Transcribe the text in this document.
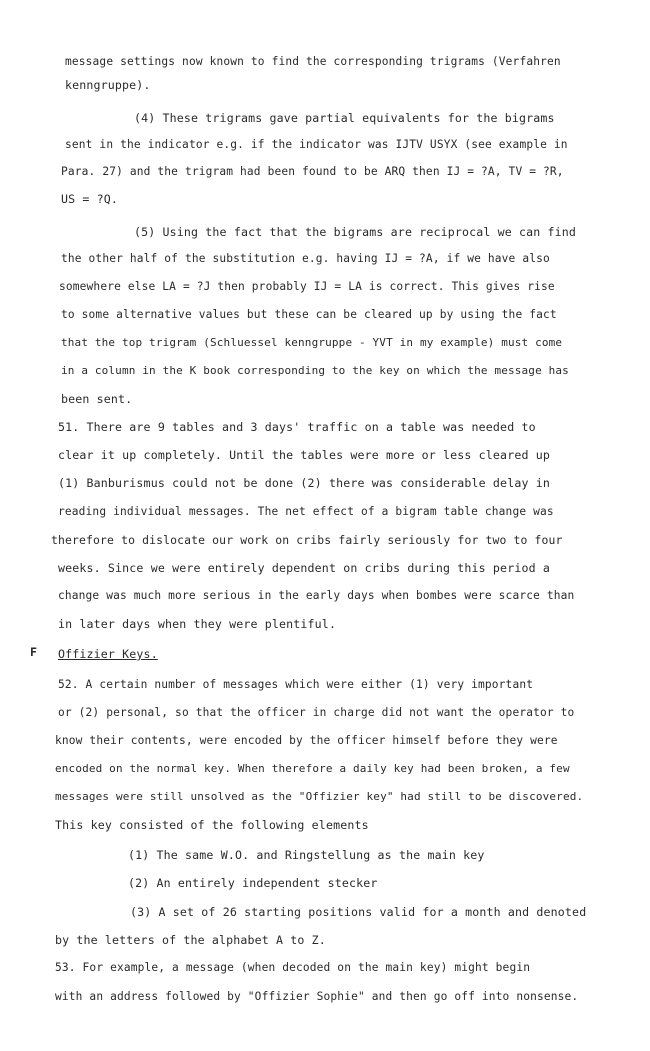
message settings now known to find the corresponding trigrams (Verfahren
kenngruppe).
(4) These trigrams gave partial equivalents for the bigrams
sent in the indicator e.g. if the indicator was IJTV USYX (see example in
Para. 27) and the trigram had been found to be ARQ then IJ = ?A, TV = ?R,
US = ?Q.
(5) Using the fact that the bigrams are reciprocal we can find
the other half of the substitution e.g. having IJ = ?A, if we have also
somewhere else LA = ?J then probably IJ = LA is correct. This gives rise
to some alternative values but these can be cleared up by using the fact
that the top trigram (Schluessel kenngruppe - YVT in my example) must come
in a column in the K book corresponding to the key on which the message has
been sent.
51. There are 9 tables and 3 days' traffic on a table was needed to
clear it up completely. Until the tables were more or less cleared up
(1) Banburismus could not be done (2) there was considerable delay in
reading individual messages. The net effect of a bigram table change was
therefore to dislocate our work on cribs fairly seriously for two to four
weeks. Since we were entirely dependent on cribs during this period a
change was much more serious in the early days when bombes were scarce than
in later days when they were plentiful.
F Offizier Keys.
52. A certain number of messages which were either (1) very important
or (2) personal, so that the officer in charge did not want the operator to
know their contents, were encoded by the officer himself before they were
encoded on the normal key. When therefore a daily key had been broken, a few
messages were still unsolved as the "Offizier key" had still to be discovered.
This key consisted of the following elements
(1) The same W.O. and Ringstellung as the main key
(2) An entirely independent stecker
(3) A set of 26 starting positions valid for a month and denoted
by the letters of the alphabet A to Z.
53. For example, a message (when decoded on the main key) might begin
with an address followed by "Offizier Sophie" and then go off into nonsense.
